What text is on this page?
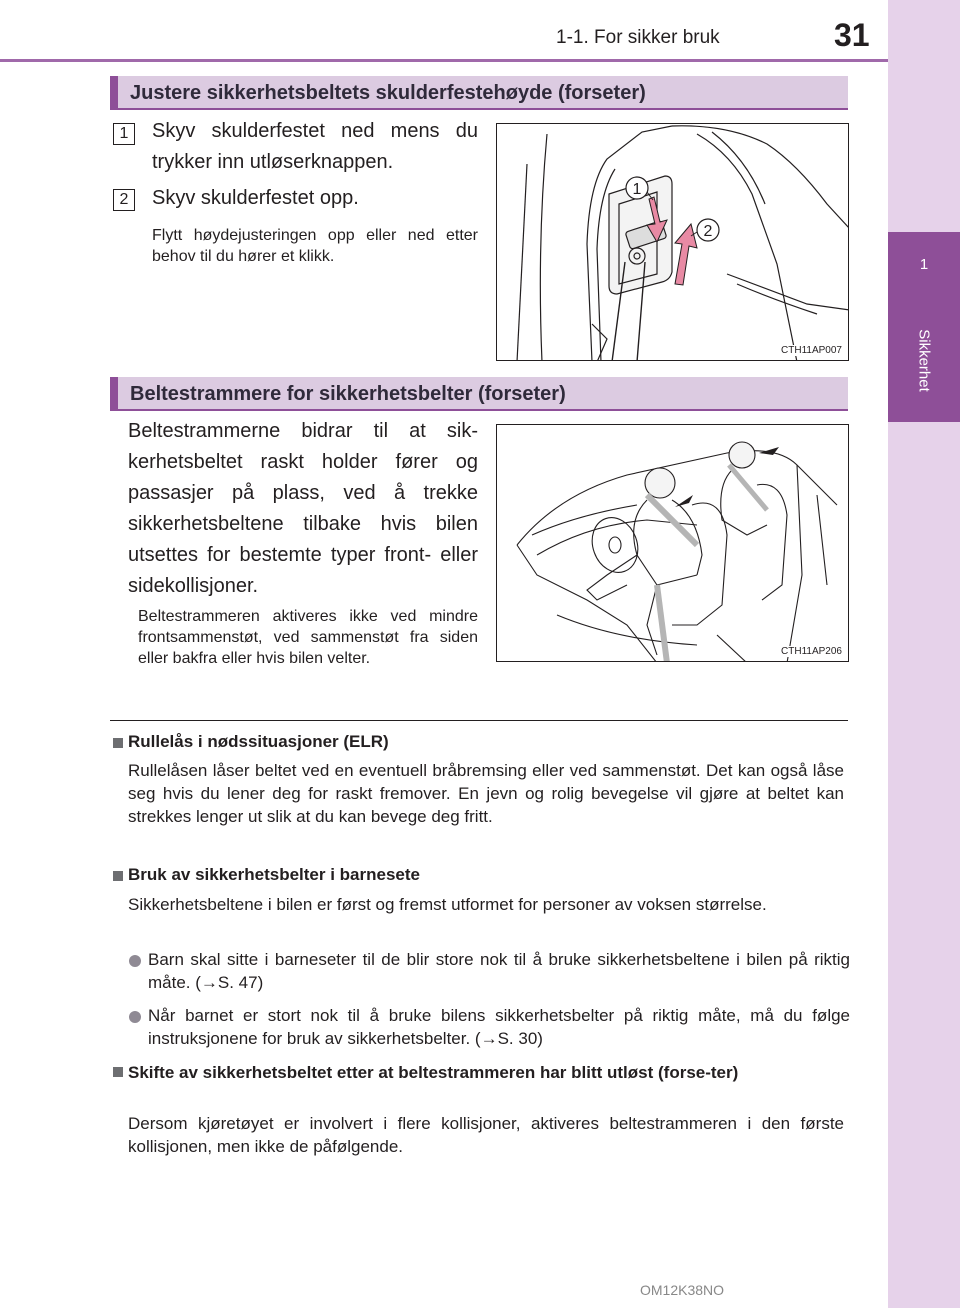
1
Sikkerhet
1-1. For sikker bruk	31
Justere sikkerhetsbeltets skulderfestehøyde (forseter)
1	Skyv skulderfestet ned mens du trykker inn utløserknappen.
2	Skyv skulderfestet opp.
Flytt høydejusteringen opp eller ned etter behov til du hører et klikk.
1
2
CTH11AP007
Beltestrammere for sikkerhetsbelter (forseter)
Beltestrammerne bidrar til at sik-kerhetsbeltet raskt holder fører og passasjer på plass, ved å trekke sikkerhetsbeltene tilbake hvis bilen utsettes for bestemte typer front- eller sidekollisjoner.
Beltestrammeren aktiveres ikke ved mindre frontsammenstøt, ved sammenstøt fra siden eller bakfra eller hvis bilen velter.	CTH11AP206
Rullelås i nødssituasjoner (ELR)
Rullelåsen låser beltet ved en eventuell bråbremsing eller ved sammenstøt. Det kan også låse seg hvis du lener deg for raskt fremover. En jevn og rolig bevegelse vil gjøre at beltet kan strekkes lenger ut slik at du kan bevege deg fritt.
Bruk av sikkerhetsbelter i barnesete
Sikkerhetsbeltene i bilen er først og fremst utformet for personer av voksen størrelse.
Barn skal sitte i barneseter til de blir store nok til å bruke sikkerhetsbeltene i bilen på riktig måte. (→S. 47)
Når barnet er stort nok til å bruke bilens sikkerhetsbelter på riktig måte, må du følge instruksjonene for bruk av sikkerhetsbelter. (→S. 30)
Skifte av sikkerhetsbeltet etter at beltestrammeren har blitt utløst (forse-ter)
Dersom kjøretøyet er involvert i flere kollisjoner, aktiveres beltestrammeren i den første kollisjonen, men ikke de påfølgende.
OM12K38NO
